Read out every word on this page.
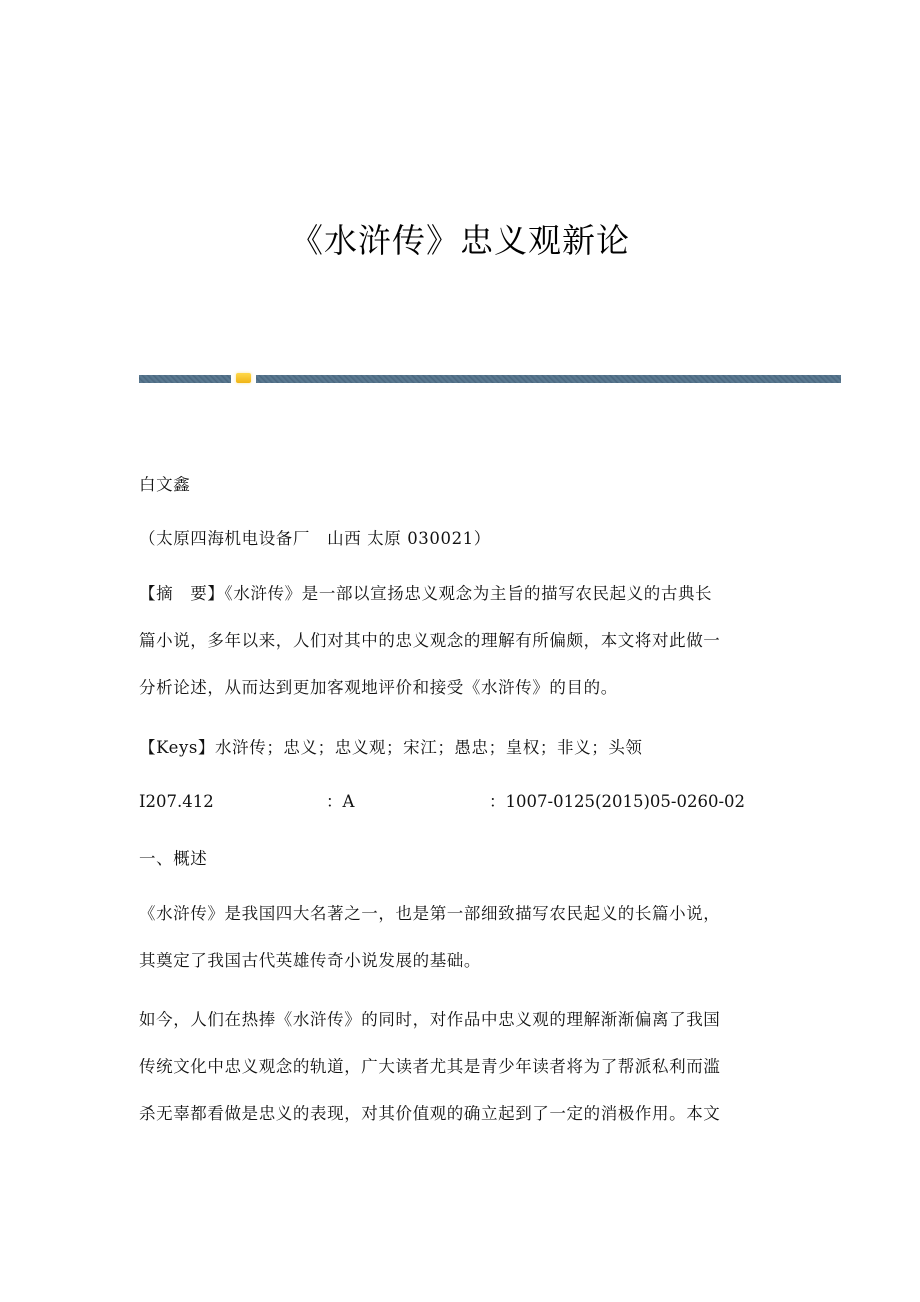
《水浒传》忠义观新论

白文鑫

（太原四海机电设备厂　山西 太原 030021）

【摘　要】《水浒传》是一部以宣扬忠义观念为主旨的描写农民起义的古典长
篇小说，多年以来，人们对其中的忠义观念的理解有所偏颇，本文将对此做一
分析论述，从而达到更加客观地评价和接受《水浒传》的目的。

【Keys】水浒传；忠义；忠义观；宋江；愚忠；皇权；非义；头领

I207.412	：A	：1007-0125(2015)05-0260-02

一、概述

《水浒传》是我国四大名著之一，也是第一部细致描写农民起义的长篇小说，
其奠定了我国古代英雄传奇小说发展的基础。

如今，人们在热捧《水浒传》的同时，对作品中忠义观的理解渐渐偏离了我国
传统文化中忠义观念的轨道，广大读者尤其是青少年读者将为了帮派私利而滥
杀无辜都看做是忠义的表现，对其价值观的确立起到了一定的消极作用。本文
